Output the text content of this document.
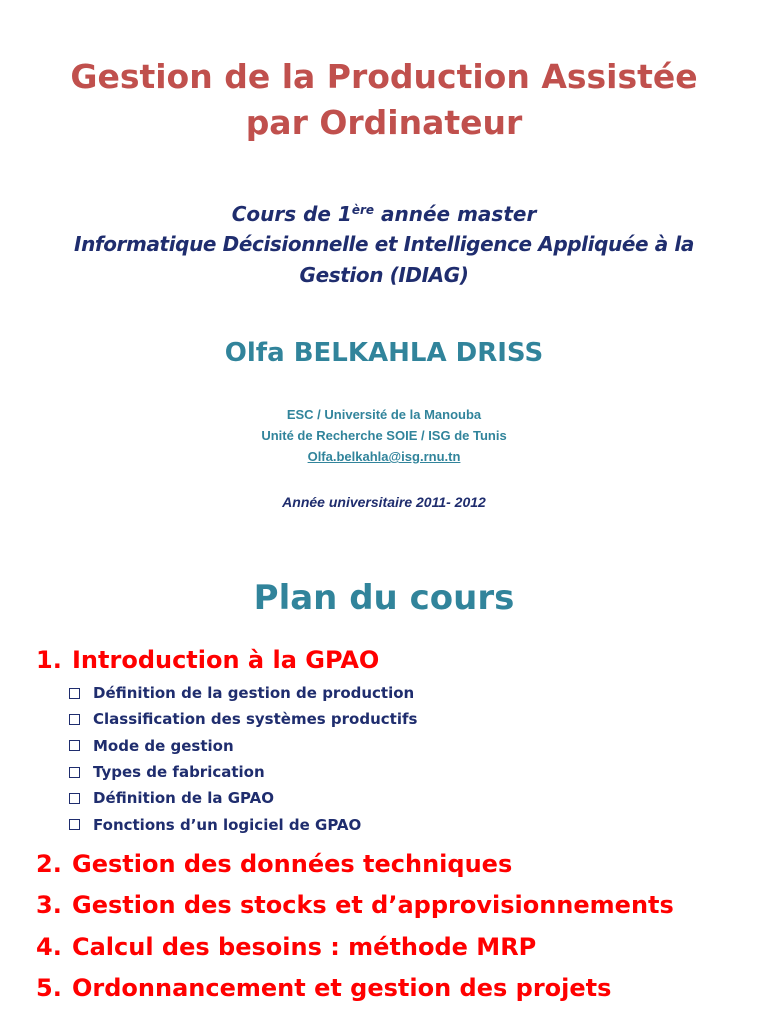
Gestion de la Production Assistée
par Ordinateur
Cours de 1ère année master
Informatique Décisionnelle et Intelligence Appliquée à la
Gestion (IDIAG)
Olfa BELKAHLA DRISS
ESC / Université de la Manouba
Unité de Recherche SOIE / ISG de Tunis
Olfa.belkahla@isg.rnu.tn
Année universitaire 2011- 2012
Plan du cours
1. Introduction à la GPAO
Définition de la gestion de production
Classification des systèmes productifs
Mode de gestion
Types de fabrication
Définition de la GPAO
Fonctions d’un logiciel de GPAO
2. Gestion des données techniques
3. Gestion des stocks et d’approvisionnements
4. Calcul des besoins : méthode MRP
5. Ordonnancement et gestion des projets
